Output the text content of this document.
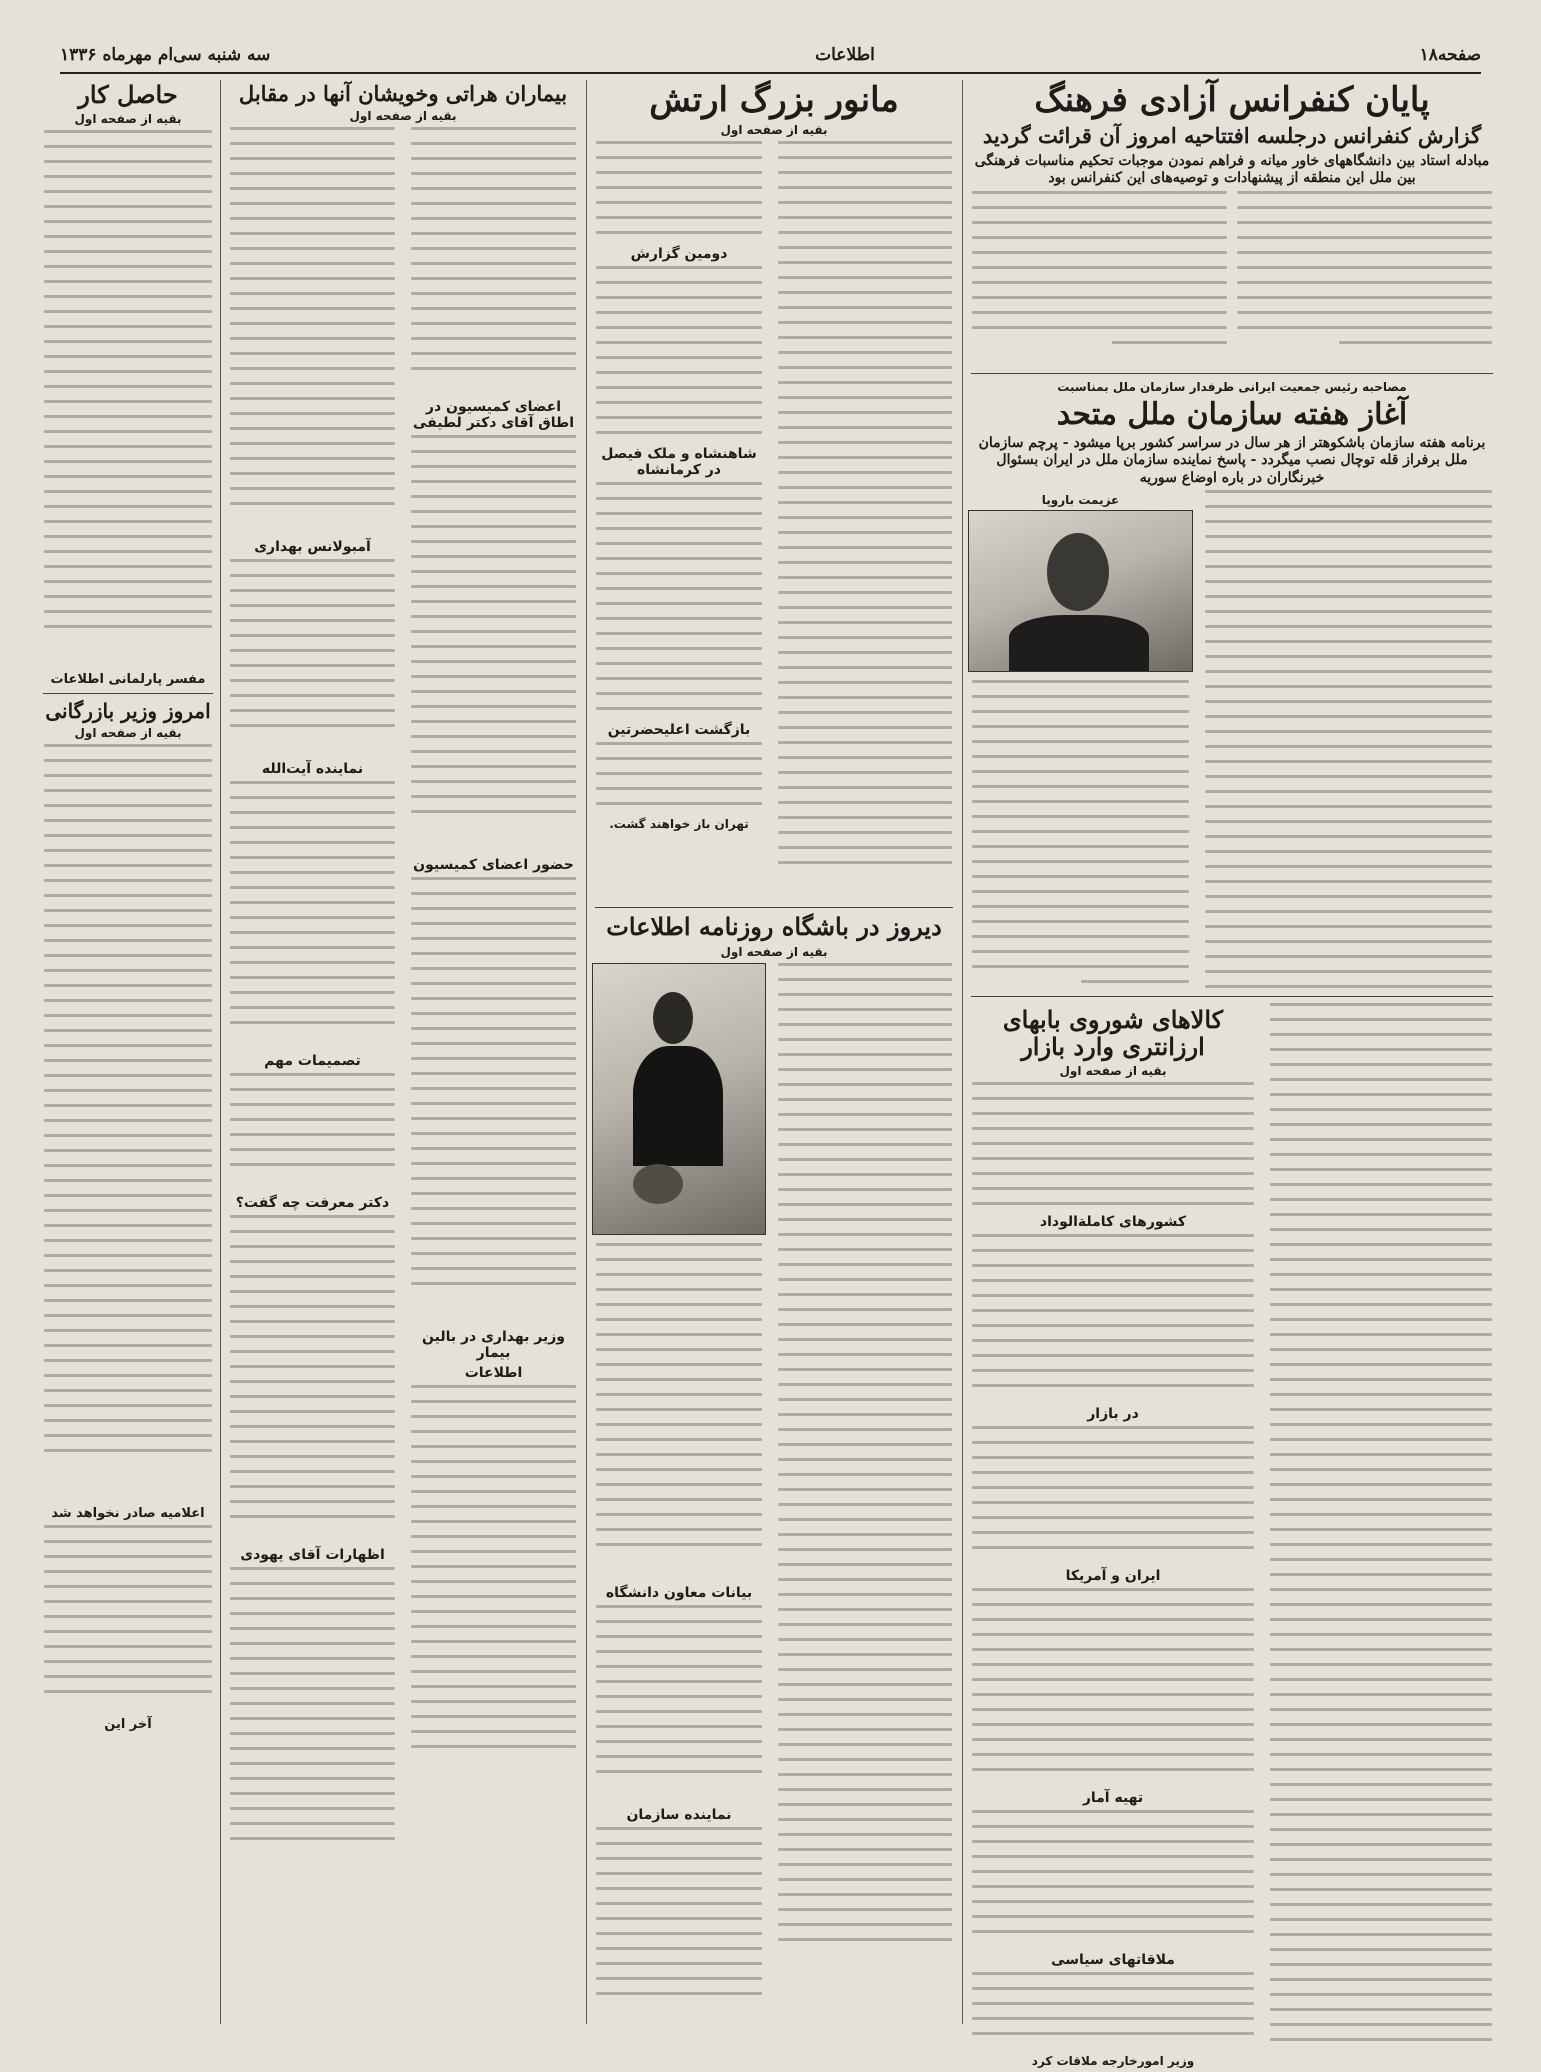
صفحه۱۸
اطلاعات
سه شنبه سی‌ام مهرماه ۱۳۳۶
پایان کنفرانس آزادی فرهنگ
گزارش کنفرانس درجلسه افتتاحیه امروز آن قرائت گردید
مبادله استاد بین دانشگاههای خاور میانه و فراهم نمودن موجبات تحکیم مناسبات فرهنگی بین ملل این منطقه از پیشنهادات و توصیه‌های این کنفرانس بود
مصاحبه رئیس جمعیت ایرانی طرفدار سازمان ملل بمناسبت
آغاز هفته سازمان ملل متحد
برنامه هفته سازمان باشکوهتر از هر سال در سراسر کشور برپا میشود - پرچم سازمان ملل برفراز قله توچال نصب میگردد - پاسخ نماینده سازمان ملل در ایران بسئوال خبرنگاران در باره اوضاع سوریه
عزیمت باروپا
کالاهای شوروی بابهای ارزانتری وارد بازار
بقیه از صفحه اول
کشورهای کاملةالوداد
در بازار
ایران و آمریکا
تهیه آمار
ملاقاتهای سیاسی
وزیر امورخارجه ملاقات کرد
مانور بزرگ ارتش
بقیه از صفحه اول
دومین گزارش
شاهنشاه و ملک فیصل در کرمانشاه
بازگشت اعلیحضرتین
تهران باز خواهند گشت.
دیروز در باشگاه روزنامه اطلاعات
بقیه از صفحه اول
بیانات معاون دانشگاه
نماینده سازمان
بیماران هراتی وخویشان آنها در مقابل
بقیه از صفحه اول
اعضای کمیسیون در اطاق آقای دکتر لطیفی
حضور اعضای کمیسیون
وزیر بهداری در بالین بیمار
اطلاعات
آمبولانس بهداری
نماینده آیت‌الله
تصمیمات مهم
دکتر معرفت چه گفت؟
اظهارات آقای یهودی
حاصل کار
بقیه از صفحه اول
مفسر پارلمانی اطلاعات
امروز وزیر بازرگانی
بقیه از صفحه اول
اعلامیه صادر نخواهد شد
آخر این
